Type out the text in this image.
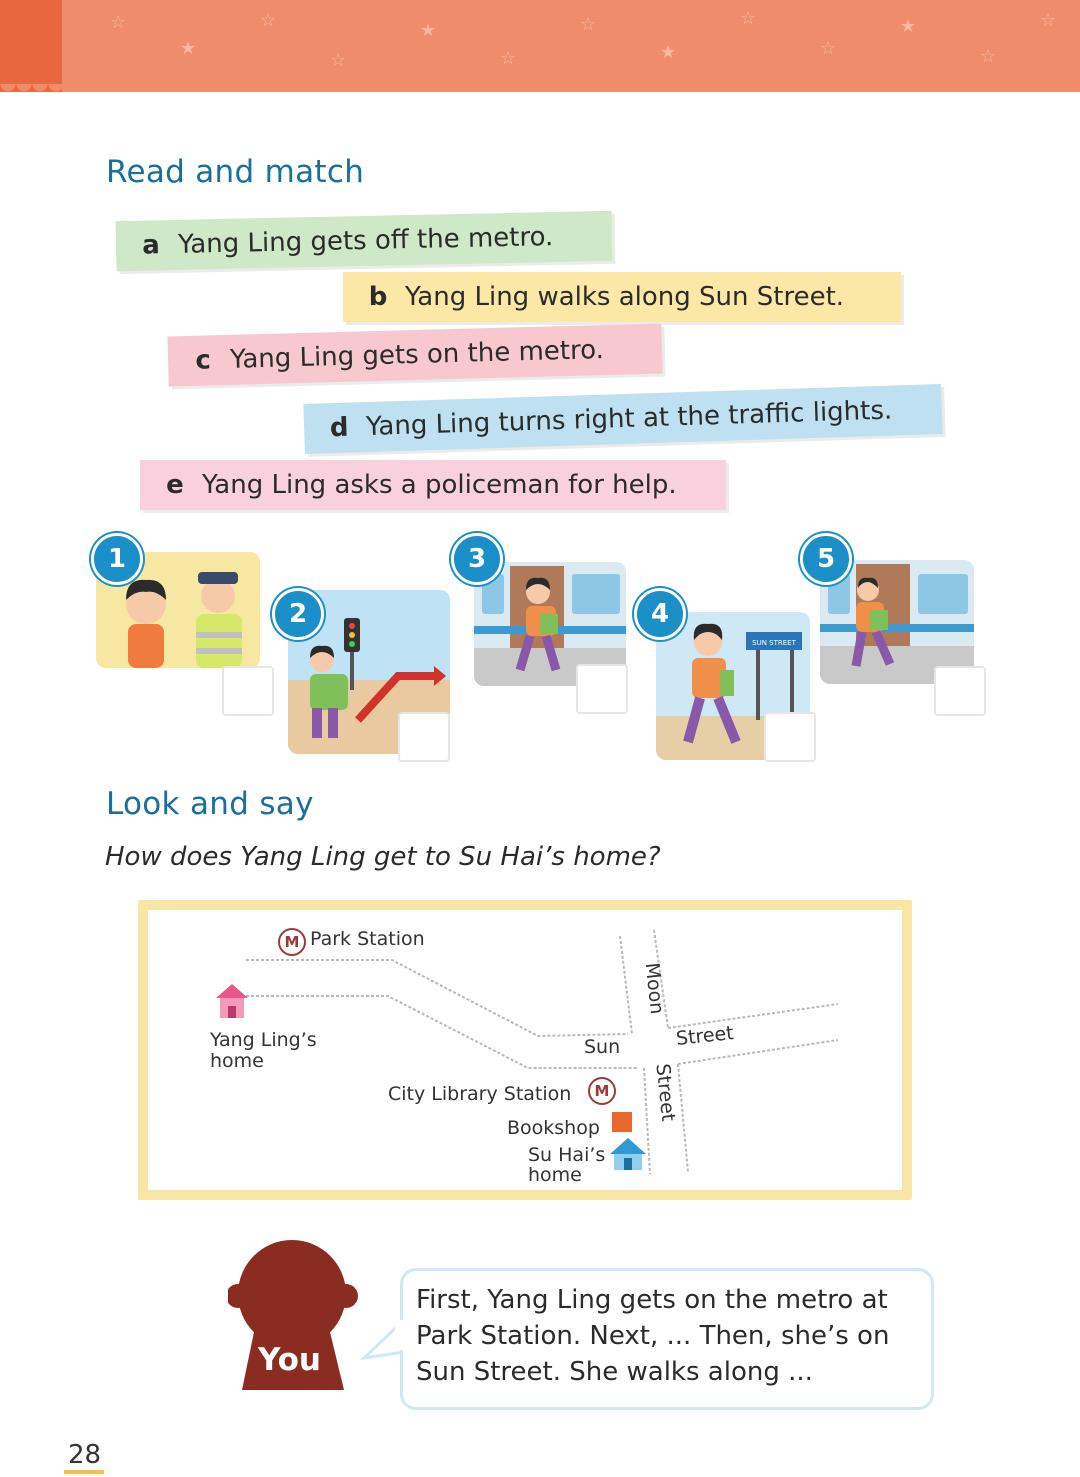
☆
★
☆
☆
★
☆
☆
★
☆
☆
★
☆
☆
Read and match
a Yang Ling gets off the metro.
b Yang Ling walks along Sun Street.
c Yang Ling gets on the metro.
d Yang Ling turns right at the traffic lights.
e Yang Ling asks a policeman for help.
1
2
3
SUN STREET
4
5
Look and say
How does Yang Ling get to Su Hai’s home?
M Park Station
Yang Ling’s
home
Moon
Sun	Street
Street
City Library Station	M
Bookshop
Su Hai’s
home
You
First, Yang Ling gets on the metro at
Park Station. Next, ... Then, she’s on
Sun Street. She walks along ...
28
